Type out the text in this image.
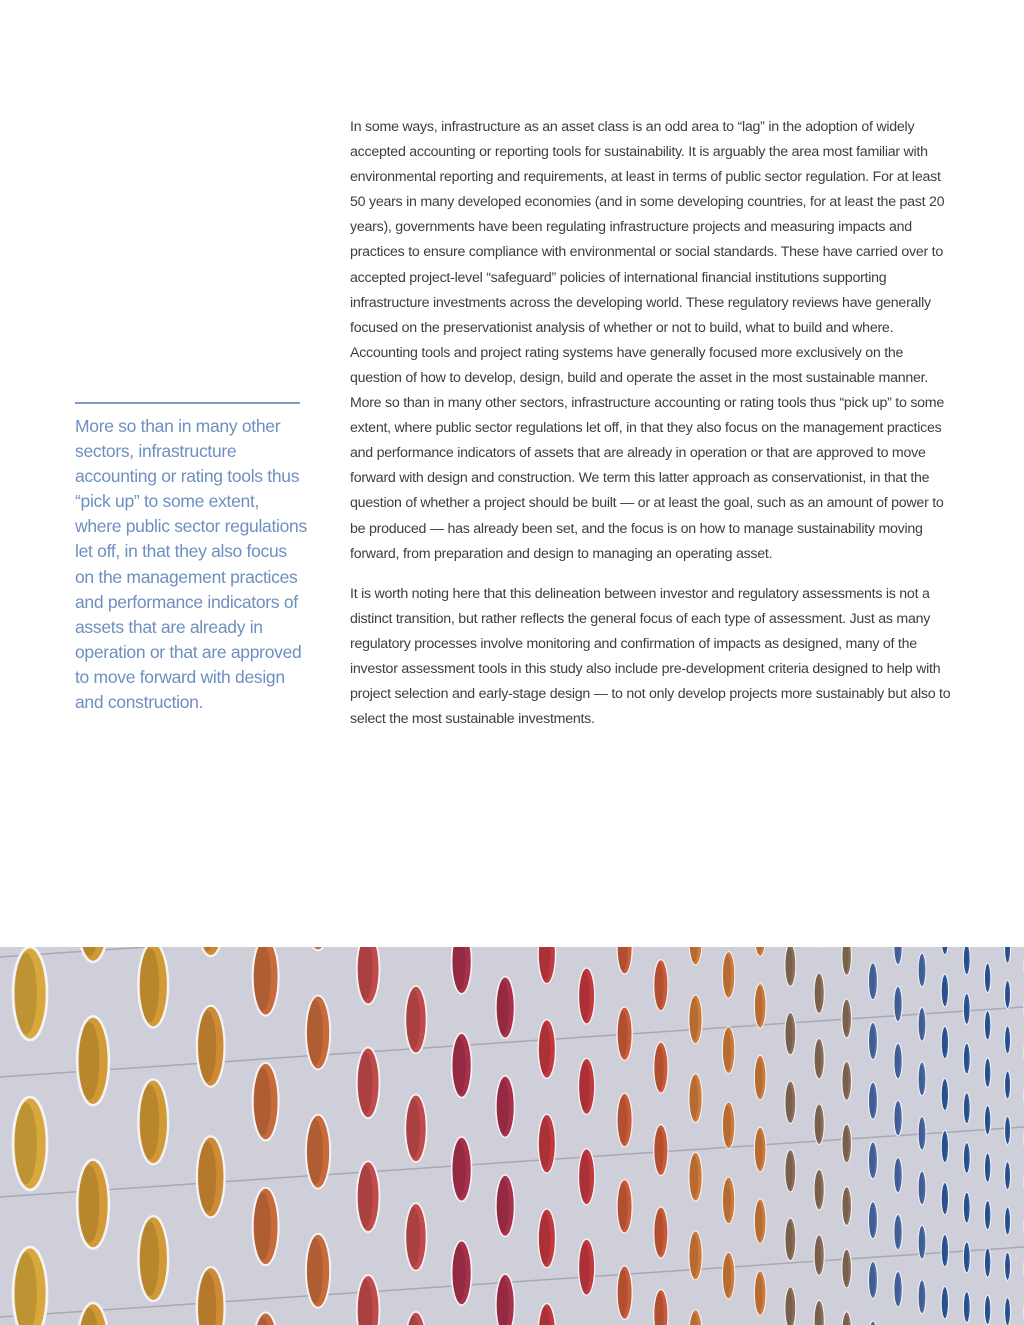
More so than in many other sectors, infrastructure accounting or rating tools thus “pick up” to some extent, where public sector regulations let off, in that they also focus on the management practices and performance indicators of assets that are already in operation or that are approved to move forward with design and construction.

In some ways, infrastructure as an asset class is an odd area to “lag” in the adoption of widely accepted accounting or reporting tools for sustainability. It is arguably the area most familiar with environmental reporting and requirements, at least in terms of public sector regulation. For at least 50 years in many developed economies (and in some developing countries, for at least the past 20 years), governments have been regulating infrastructure projects and measuring impacts and practices to ensure compliance with environmental or social standards. These have carried over to accepted project-level “safeguard” policies of international financial institutions supporting infrastructure investments across the developing world. These regulatory reviews have generally focused on the preservationist analysis of whether or not to build, what to build and where. Accounting tools and project rating systems have generally focused more exclusively on the question of how to develop, design, build and operate the asset in the most sustainable manner. More so than in many other sectors, infrastructure accounting or rating tools thus “pick up” to some extent, where public sector regulations let off, in that they also focus on the management practices and performance indicators of assets that are already in operation or that are approved to move forward with design and construction. We term this latter approach as conservationist, in that the question of whether a project should be built — or at least the goal, such as an amount of power to be produced — has already been set, and the focus is on how to manage sustainability moving forward, from preparation and design to managing an operating asset.

It is worth noting here that this delineation between investor and regulatory assessments is not a distinct transition, but rather reflects the general focus of each type of assessment. Just as many regulatory processes involve monitoring and confirmation of impacts as designed, many of the investor assessment tools in this study also include pre-development criteria designed to help with project selection and early-stage design — to not only develop projects more sustainably but also to select the most sustainable investments.
